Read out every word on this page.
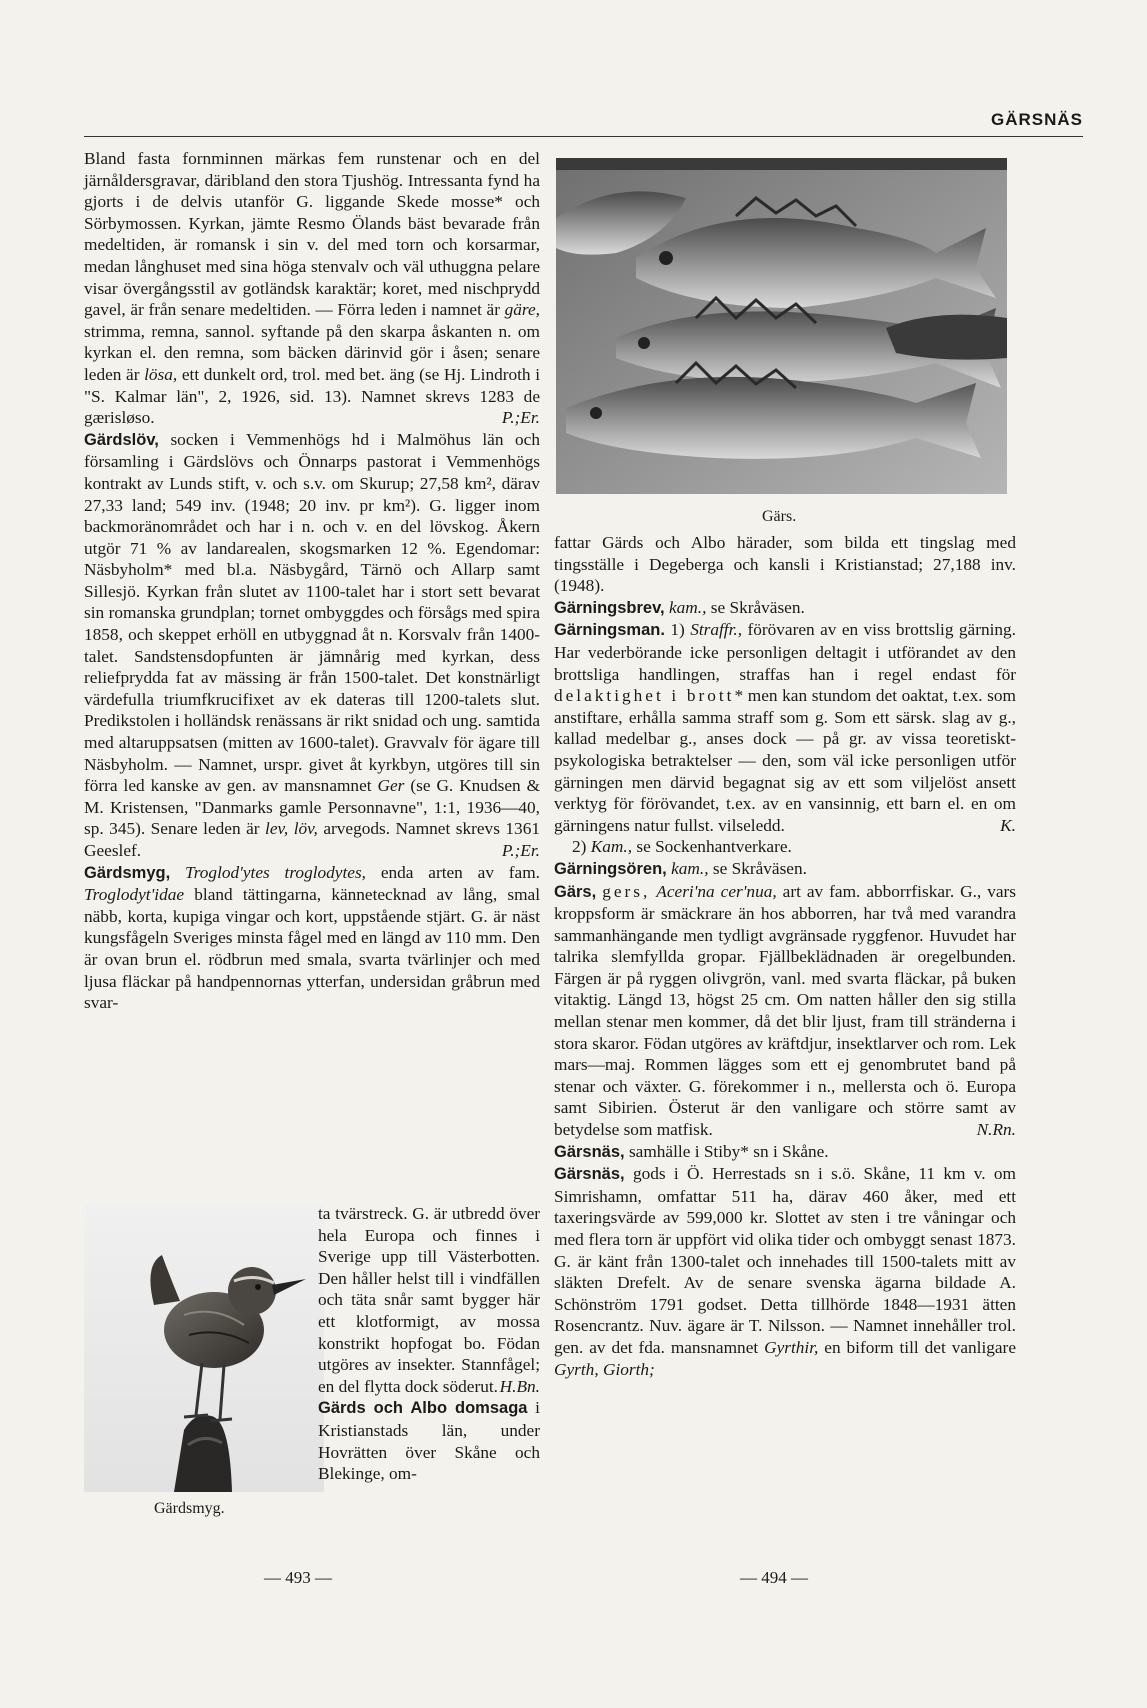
GÄRSNÄS

Bland fasta fornminnen märkas fem runstenar och en del järnåldersgravar, däribland den stora Tjushög. Intressanta fynd ha gjorts i de delvis utanför G. liggande Skede mosse* och Sörbymossen. Kyrkan, jämte Resmo Ölands bäst bevarade från medeltiden, är romansk i sin v. del med torn och korsarmar, medan långhuset med sina höga stenvalv och väl uthuggna pelare visar övergångsstil av gotländsk karaktär; koret, med nischprydd gavel, är från senare medeltiden. — Förra leden i namnet är gäre, strimma, remna, sannol. syftande på den skarpa åskanten n. om kyrkan el. den remna, som bäcken därinvid gör i åsen; senare leden är lösa, ett dunkelt ord, trol. med bet. äng (se Hj. Lindroth i "S. Kalmar län", 2, 1926, sid. 13). Namnet skrevs 1283 de gærisløso.	P.;Er.

Gärdslöv, socken i Vemmenhögs hd i Malmöhus län och församling i Gärdslövs och Önnarps pastorat i Vemmenhögs kontrakt av Lunds stift, v. och s.v. om Skurup; 27,58 km², därav 27,33 land; 549 inv. (1948; 20 inv. pr km²). G. ligger inom backmoränområdet och har i n. och v. en del lövskog. Åkern utgör 71 % av landarealen, skogsmarken 12 %. Egendomar: Näsbyholm* med bl.a. Näsbygård, Tärnö och Allarp samt Sillesjö. Kyrkan från slutet av 1100-talet har i stort sett bevarat sin romanska grundplan; tornet ombyggdes och försågs med spira 1858, och skeppet erhöll en utbyggnad åt n. Korsvalv från 1400-talet. Sandstensdopfunten är jämnårig med kyrkan, dess reliefprydda fat av mässing är från 1500-talet. Det konstnärligt värdefulla triumfkrucifixet av ek dateras till 1200-talets slut. Predikstolen i holländsk renässans är rikt snidad och ung. samtida med altaruppsatsen (mitten av 1600-talet). Gravvalv för ägare till Näsbyholm. — Namnet, urspr. givet åt kyrkbyn, utgöres till sin förra led kanske av gen. av mansnamnet Ger (se G. Knudsen & M. Kristensen, "Danmarks gamle Personnavne", 1:1, 1936—40, sp. 345). Senare leden är lev, löv, arvegods. Namnet skrevs 1361 Geeslef.	P.;Er.

Gärdsmyg, Troglod'ytes troglodytes, enda arten av fam. Troglodyt'idae bland tättingarna, kännetecknad av lång, smal näbb, korta, kupiga vingar och kort, uppstående stjärt. G. är näst kungsfågeln Sveriges minsta fågel med en längd av 110 mm. Den är ovan brun el. rödbrun med smala, svarta tvärlinjer och med ljusa fläckar på handpennornas ytterfan, undersidan gråbrun med svar-

Gärdsmyg.

ta tvärstreck. G. är utbredd över hela Europa och finnes i Sverige upp till Västerbotten. Den håller helst till i vindfällen och täta snår samt bygger här ett klotformigt, av mossa konstrikt hopfogat bo. Födan utgöres av insekter. Stannfågel; en del flytta dock söderut. H.Bn.

Gärds och Albo domsaga i Kristianstads län, under Hovrätten över Skåne och Blekinge, om-

Gärs.

fattar Gärds och Albo härader, som bilda ett tingslag med tingsställe i Degeberga och kansli i Kristianstad; 27,188 inv. (1948).

Gärningsbrev, kam., se Skråväsen.

Gärningsman. 1) Straffr., förövaren av en viss brottslig gärning. Har vederbörande icke personligen deltagit i utförandet av den brottsliga handlingen, straffas han i regel endast för delaktighet i brott* men kan stundom det oaktat, t.ex. som anstiftare, erhålla samma straff som g. Som ett särsk. slag av g., kallad medelbar g., anses dock — på gr. av vissa teoretiskt-psykologiska betraktelser — den, som väl icke personligen utför gärningen men därvid begagnat sig av ett som viljelöst ansett verktyg för förövandet, t.ex. av en vansinnig, ett barn el. en om gärningens natur fullst. vilseledd.	K.

2) Kam., se Sockenhantverkare.

Gärningsören, kam., se Skråväsen.

Gärs, gers, Aceri'na cer'nua, art av fam. abborrfiskar. G., vars kroppsform är smäckrare än hos abborren, har två med varandra sammanhängande men tydligt avgränsade ryggfenor. Huvudet har talrika slemfyllda gropar. Fjällbeklädnaden är oregelbunden. Färgen är på ryggen olivgrön, vanl. med svarta fläckar, på buken vitaktig. Längd 13, högst 25 cm. Om natten håller den sig stilla mellan stenar men kommer, då det blir ljust, fram till stränderna i stora skaror. Födan utgöres av kräftdjur, insektlarver och rom. Lek mars—maj. Rommen lägges som ett ej genombrutet band på stenar och växter. G. förekommer i n., mellersta och ö. Europa samt Sibirien. Österut är den vanligare och större samt av betydelse som matfisk.	N.Rn.

Gärsnäs, samhälle i Stiby* sn i Skåne.

Gärsnäs, gods i Ö. Herrestads sn i s.ö. Skåne, 11 km v. om Simrishamn, omfattar 511 ha, därav 460 åker, med ett taxeringsvärde av 599,000 kr. Slottet av sten i tre våningar och med flera torn är uppfört vid olika tider och ombyggt senast 1873. G. är känt från 1300-talet och innehades till 1500-talets mitt av släkten Drefelt. Av de senare svenska ägarna bildade A. Schönström 1791 godset. Detta tillhörde 1848—1931 ätten Rosencrantz. Nuv. ägare är T. Nilsson. — Namnet innehåller trol. gen. av det fda. mansnamnet Gyrthir, en biform till det vanligare Gyrth, Giorth;

— 493 —	— 494 —
